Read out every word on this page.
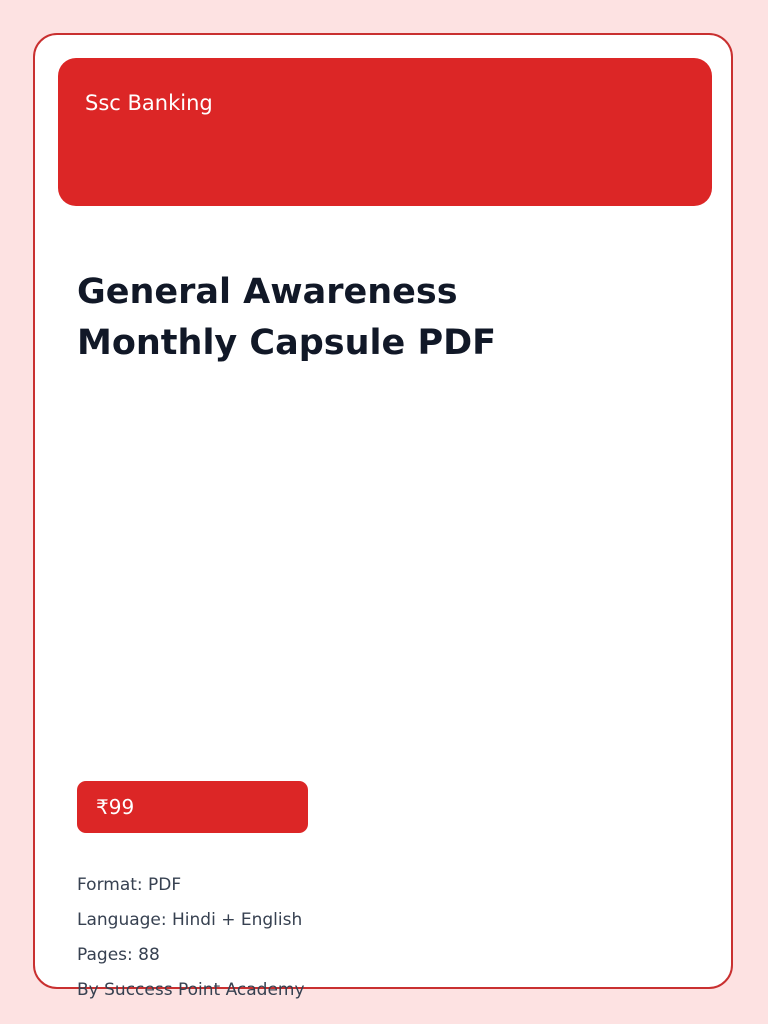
Ssc Banking
General Awareness
Monthly Capsule PDF
₹99
Format: PDF
Language: Hindi + English
Pages: 88
By Success Point Academy
